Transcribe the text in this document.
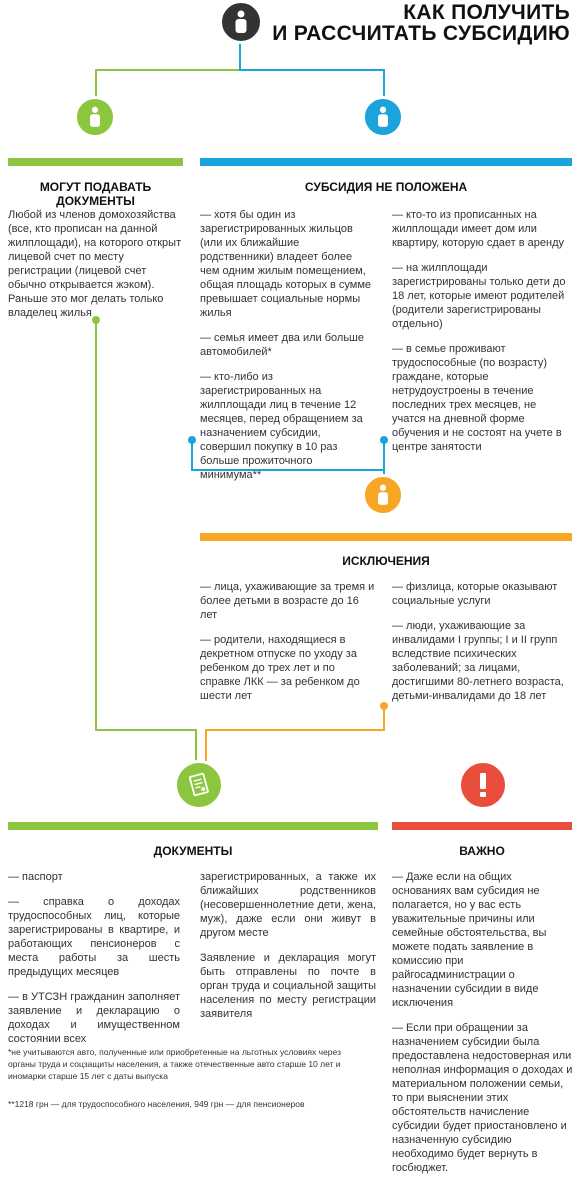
КАК ПОЛУЧИТЬ
И РАССЧИТАТЬ СУБСИДИЮ
МОГУТ ПОДАВАТЬ ДОКУМЕНТЫ
СУБСИДИЯ НЕ ПОЛОЖЕНА
Любой из членов домохозяйства (все, кто прописан на данной жилплощади), на которого открыт лицевой счет по месту регистрации (лицевой счет обычно открывается жэком). Раньше это мог делать только владелец жилья

— хотя бы один из зарегистрированных жильцов (или их ближайшие родственники) владеет более чем одним жилым помещением, общая площадь которых в сумме превышает социальные нормы жилья

— семья имеет два или больше автомобилей*

— кто-либо из зарегистрированных на жилплощади лиц в течение 12 месяцев, перед обращением за назначением субсидии, совершил покупку в 10 раз больше прожиточного минимума**

— кто-то из прописанных на жилплощади имеет дом или квартиру, которую сдает в аренду

— на жилплощади зарегистрированы только дети до 18 лет, которые имеют родителей (родители зарегистрированы отдельно)

— в семье проживают трудоспособные (по возрасту) граждане, которые нетрудоустроены в течение последних трех месяцев, не учатся на дневной форме обучения и не состоят на учете в центре занятости

ИСКЛЮЧЕНИЯ

— лица, ухаживающие за тремя и более детьми в возрасте до 16 лет

— родители, находящиеся в декретном отпуске по уходу за ребенком до трех лет и по справке ЛКК — за ребенком до шести лет

— физлица, которые оказывают социальные услуги

— люди, ухаживающие за инвалидами I группы; I и II групп вследствие психических заболеваний; за лицами, достигшими 80-летнего возраста, детьми-инвалидами до 18 лет

ДОКУМЕНТЫ	ВАЖНО

— паспорт

— справка о доходах трудоспособных лиц, которые зарегистрированы в квартире, и работающих пенсионеров с места работы за шесть предыдущих месяцев

— в УТСЗН гражданин заполняет заявление и декларацию о доходах и имущественном состоянии всех

зарегистрированных, а также их ближайших родственников (несовершеннолетние дети, жена, муж), даже если они живут в другом месте

Заявление и декларация могут быть отправлены по почте в орган труда и социальной защиты населения по месту регистрации заявителя

— Даже если на общих основаниях вам субсидия не полагается, но у вас есть уважительные причины или семейные обстоятельства, вы можете подать заявление в комиссию при райгосадминистрации о назначении субсидии в виде исключения

— Если при обращении за назначением субсидии была предоставлена недостоверная или неполная информация о доходах и материальном положении семьи, то при выяснении этих обстоятельств начисление субсидии будет приостановлено и назначенную субсидию необходимо будет вернуть в госбюджет.

*не учитываются авто, полученные или приобретенные на льготных условиях через органы труда и соцзащиты населения, а также отечественные авто старше 10 лет и иномарки старше 15 лет с даты выпуска
**1218 грн — для трудоспособного населения, 949 грн — для пенсионеров
